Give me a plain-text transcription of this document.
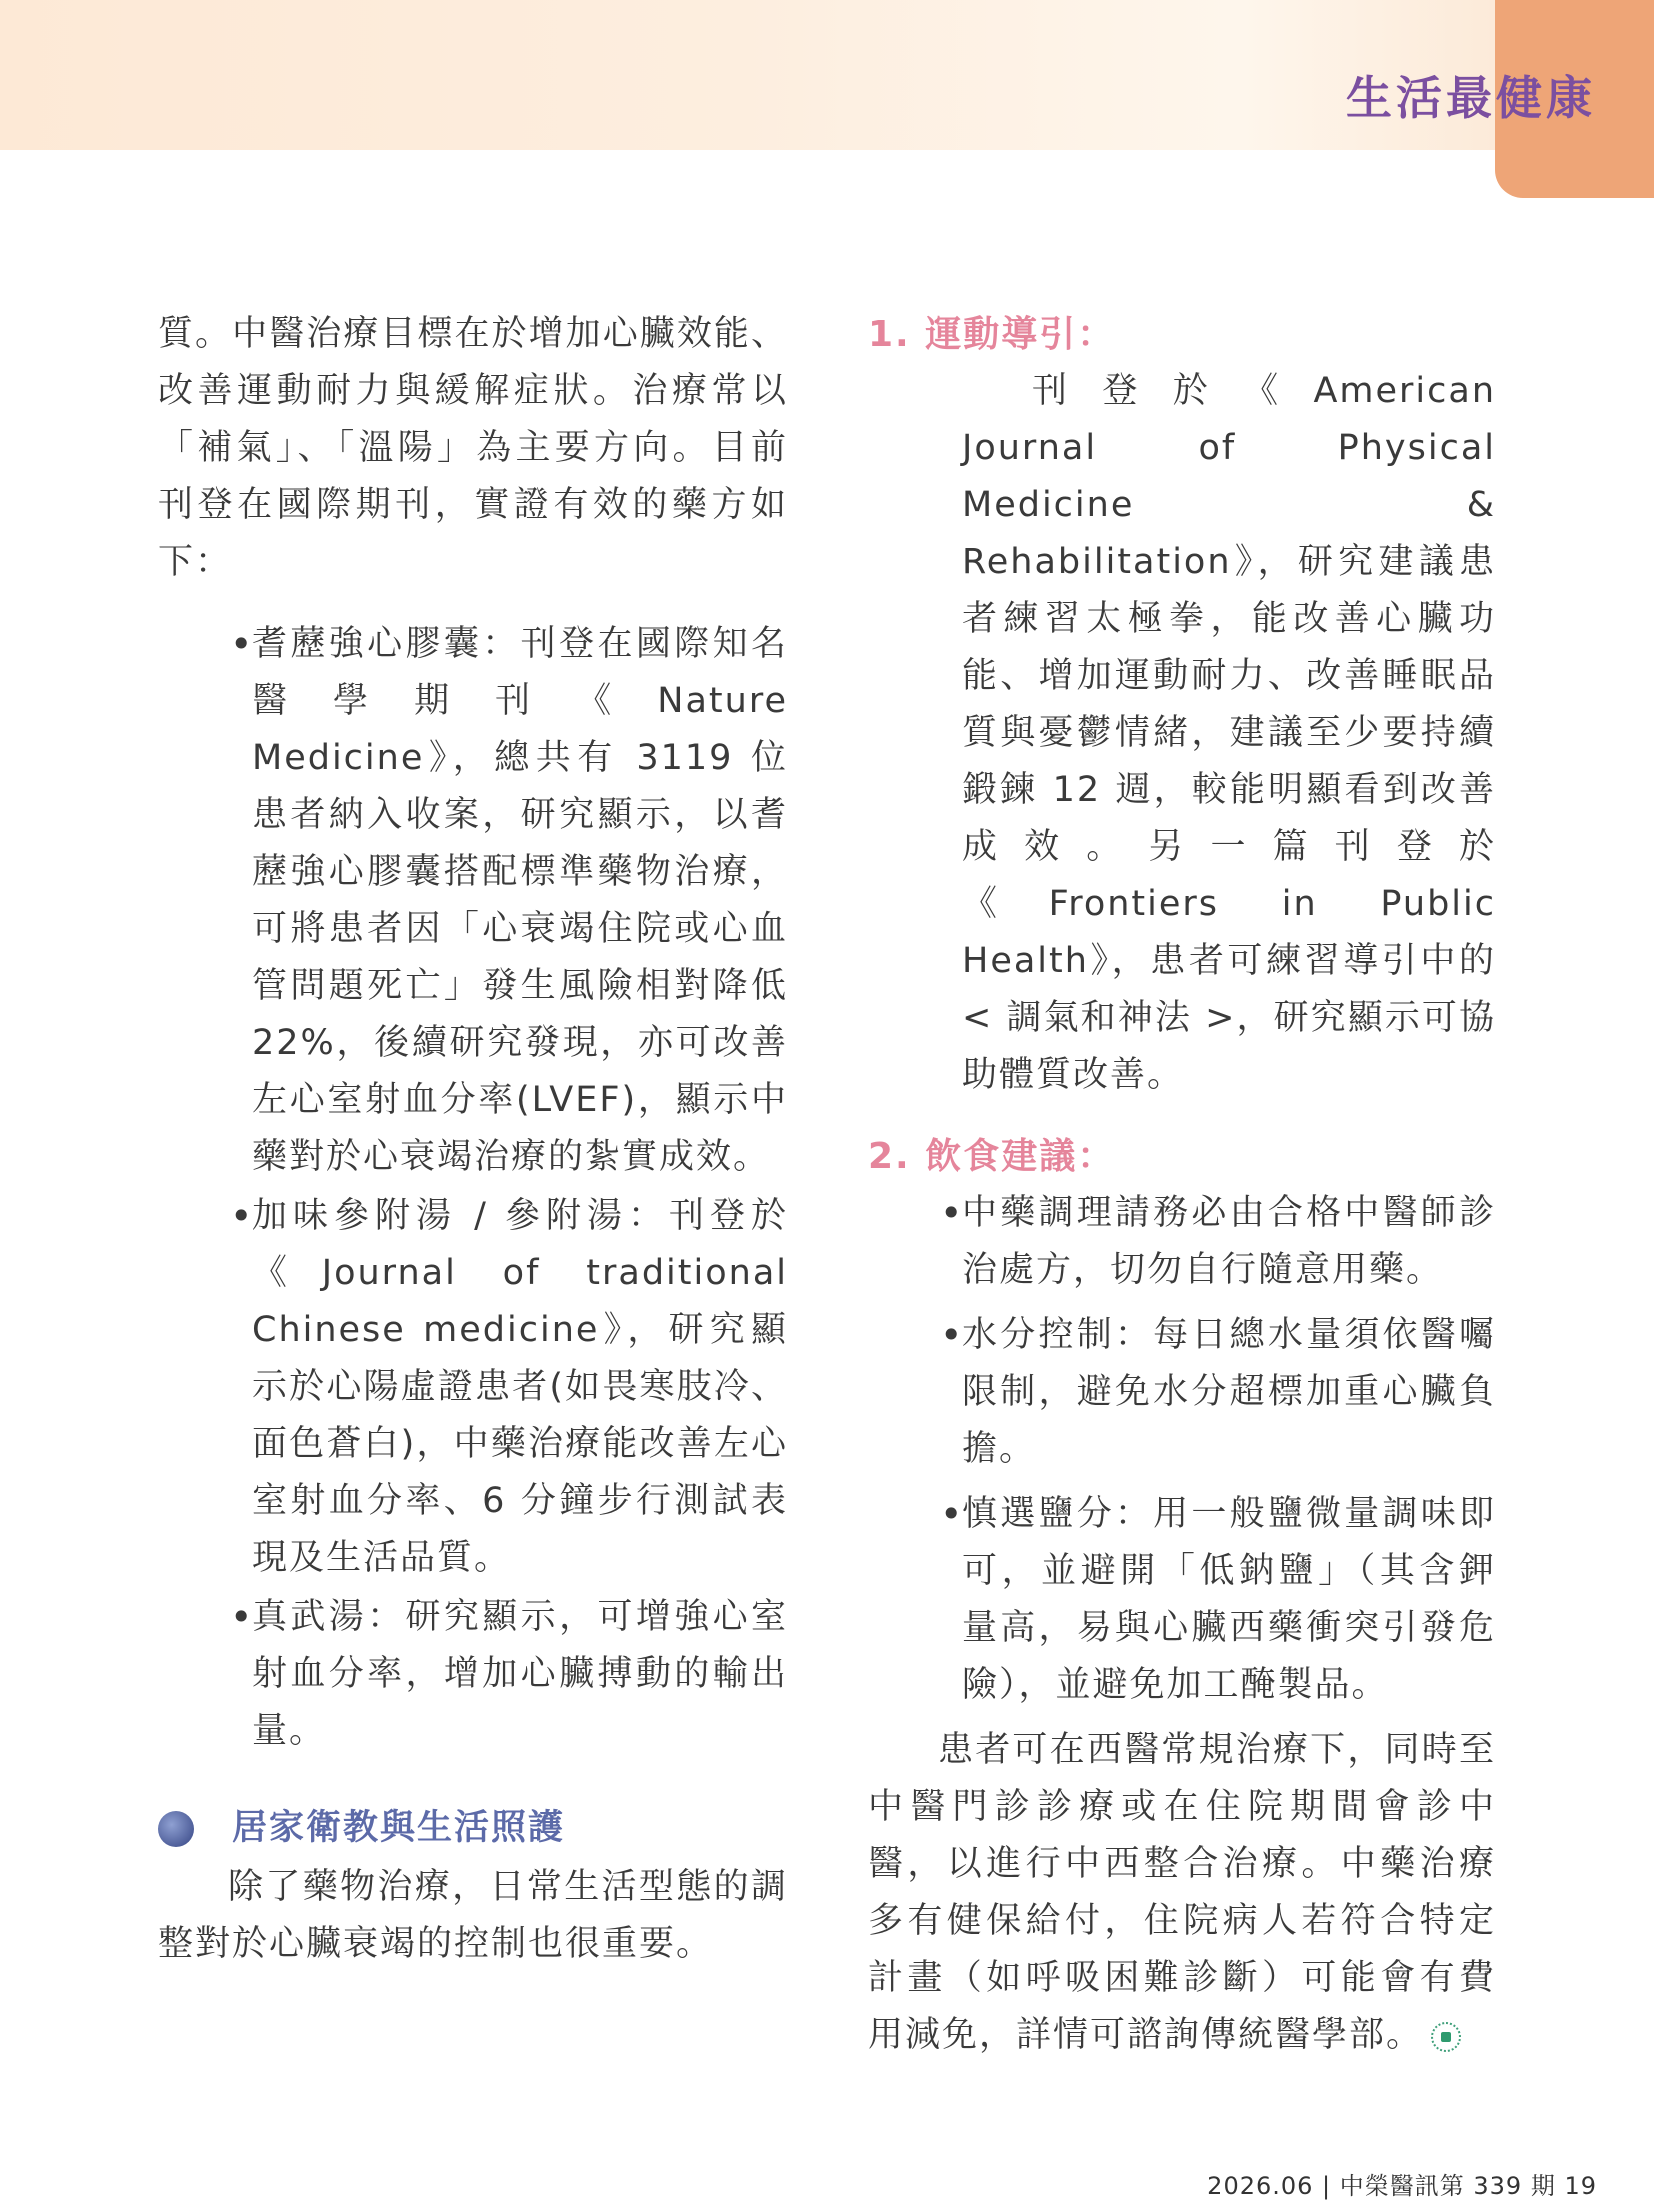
生活最健康

質。中醫治療目標在於增加心臟效能、改善運動耐力與緩解症狀。治療常以「補氣」、「溫陽」為主要方向。目前刊登在國際期刊，實證有效的藥方如下：

•
耆藶強心膠囊：刊登在國際知名醫學期刊《Nature Medicine》，總共有 3119 位患者納入收案，研究顯示，以耆藶強心膠囊搭配標準藥物治療，可將患者因「心衰竭住院或心血管問題死亡」發生風險相對降低 22%，後續研究發現，亦可改善左心室射血分率(LVEF)，顯示中藥對於心衰竭治療的紮實成效。
•
加味參附湯 / 參附湯：刊登於《Journal of traditional Chinese medicine》，研究顯示於心陽虛證患者(如畏寒肢冷、面色蒼白)，中藥治療能改善左心室射血分率、6 分鐘步行測試表現及生活品質。
•
真武湯：研究顯示，可增強心室射血分率，增加心臟搏動的輸出量。
居家衛教與生活照護

除了藥物治療，日常生活型態的調整對於心臟衰竭的控制也很重要。

1. 運動導引：

刊登於《American Journal of Physical Medicine & Rehabilitation》，研究建議患者練習太極拳，能改善心臟功能、增加運動耐力、改善睡眠品質與憂鬱情緒，建議至少要持續鍛鍊 12 週，較能明顯看到改善成效。另一篇刊登於《Frontiers in Public Health》，患者可練習導引中的 < 調氣和神法 >，研究顯示可協助體質改善。

2. 飲食建議：

•
中藥調理請務必由合格中醫師診治處方，切勿自行隨意用藥。
•
水分控制：每日總水量須依醫囑限制，避免水分超標加重心臟負擔。
•
慎選鹽分：用一般鹽微量調味即可，並避開「低鈉鹽」（其含鉀量高，易與心臟西藥衝突引發危險），並避免加工醃製品。

患者可在西醫常規治療下，同時至中醫門診診療或在住院期間會診中醫，以進行中西整合治療。中藥治療多有健保給付，住院病人若符合特定計畫（如呼吸困難診斷）可能會有費用減免，詳情可諮詢傳統醫學部。

2026.06 | 中榮醫訊第 339 期 19
